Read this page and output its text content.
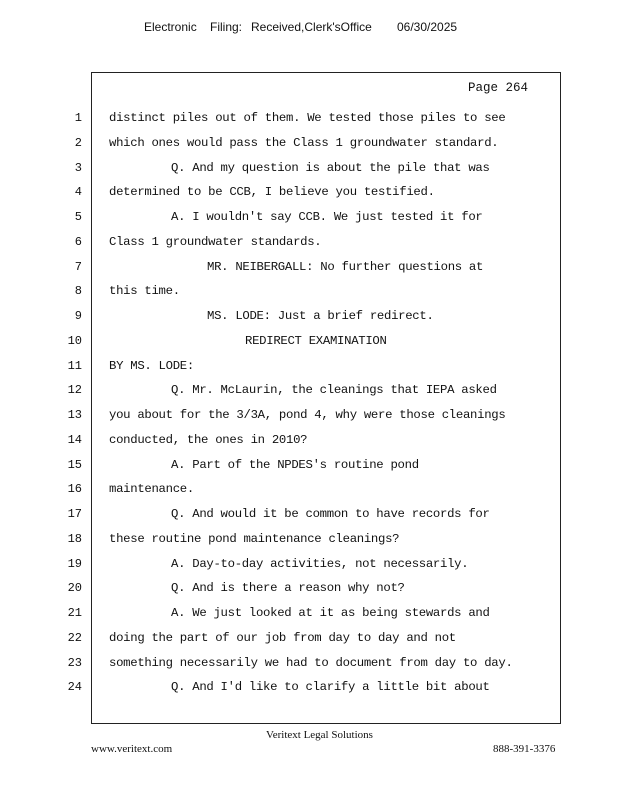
Electronic Filing: Received,Clerk'sOffice 06/30/2025
Page 264
1 distinct piles out of them. We tested those piles to see
2 which ones would pass the Class 1 groundwater standard.
3	Q. And my question is about the pile that was
4 determined to be CCB, I believe you testified.
5	A. I wouldn't say CCB. We just tested it for
6 Class 1 groundwater standards.
7	MR. NEIBERGALL: No further questions at
8 this time.
9	MS. LODE: Just a brief redirect.
10	REDIRECT EXAMINATION
11 BY MS. LODE:
12	Q. Mr. McLaurin, the cleanings that IEPA asked
13 you about for the 3/3A, pond 4, why were those cleanings
14 conducted, the ones in 2010?
15	A. Part of the NPDES's routine pond
16 maintenance.
17	Q. And would it be common to have records for
18 these routine pond maintenance cleanings?
19	A. Day-to-day activities, not necessarily.
20	Q. And is there a reason why not?
21	A. We just looked at it as being stewards and
22 doing the part of our job from day to day and not
23 something necessarily we had to document from day to day.
24	Q. And I'd like to clarify a little bit about
Veritext Legal Solutions
www.veritext.com	888-391-3376
